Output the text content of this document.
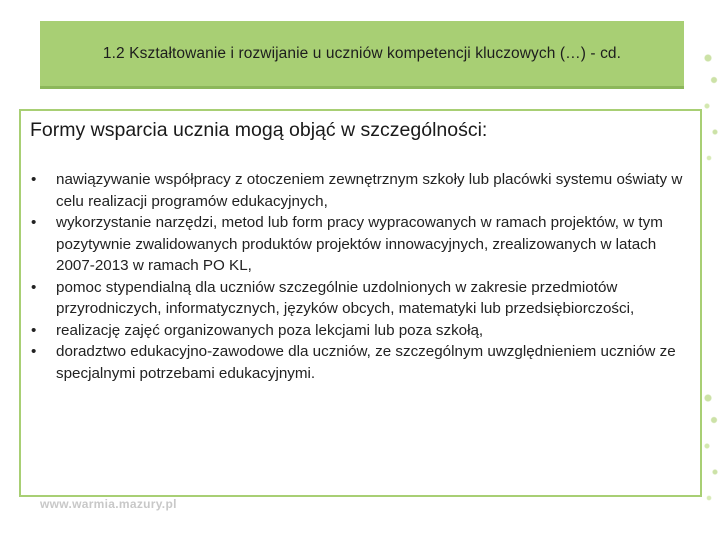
1.2 Kształtowanie i rozwijanie u uczniów kompetencji kluczowych (…) - cd.
Formy wsparcia ucznia mogą objąć w szczególności:
• nawiązywanie współpracy z otoczeniem zewnętrznym szkoły lub placówki systemu oświaty w celu realizacji programów edukacyjnych,
• wykorzystanie narzędzi, metod lub form pracy wypracowanych w ramach projektów, w tym pozytywnie zwalidowanych produktów projektów innowacyjnych, zrealizowanych w latach 2007-2013 w ramach PO KL,
• pomoc stypendialną dla uczniów szczególnie uzdolnionych w zakresie przedmiotów przyrodniczych, informatycznych, języków obcych, matematyki lub przedsiębiorczości,
• realizację zajęć organizowanych poza lekcjami lub poza szkołą,
• doradztwo edukacyjno-zawodowe dla uczniów, ze szczególnym uwzględnieniem uczniów ze specjalnymi potrzebami edukacyjnymi.
www.warmia.mazury.pl
